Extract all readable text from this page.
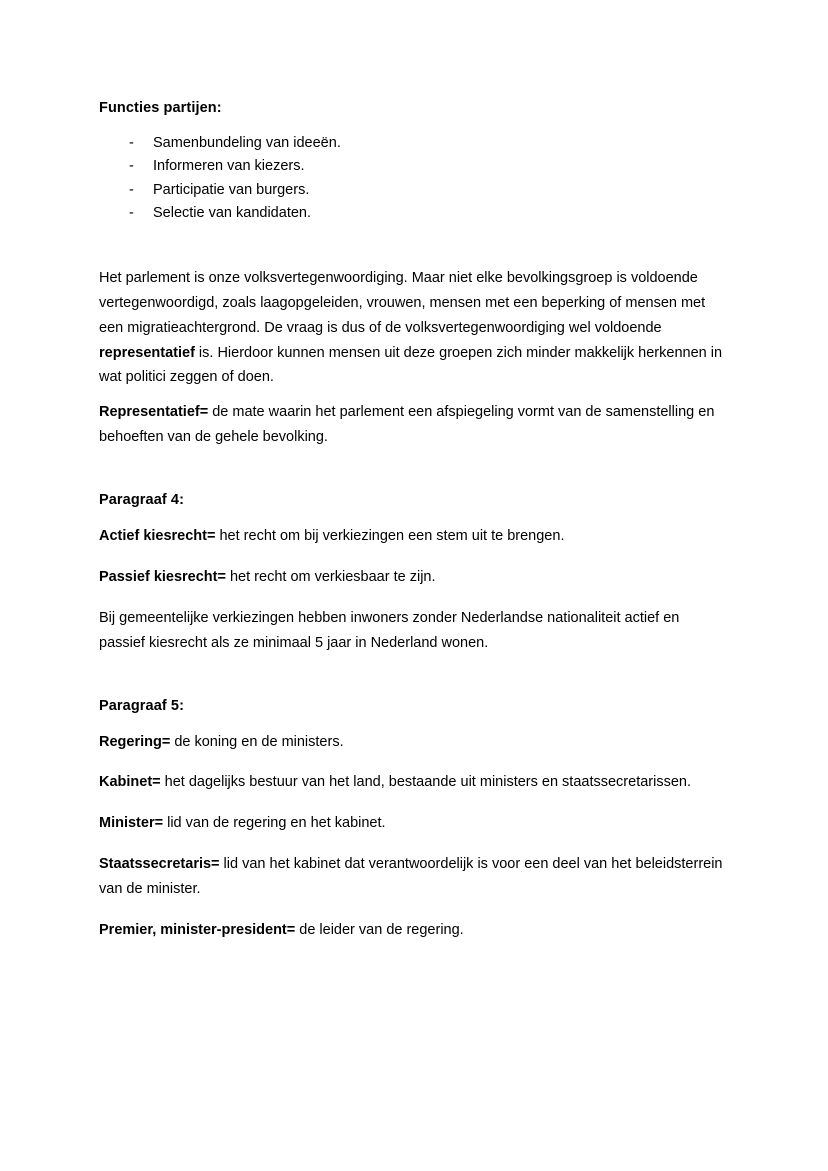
Functies partijen:

-	Samenbundeling van ideeën.
-	Informeren van kiezers.
-	Participatie van burgers.
-	Selectie van kandidaten.

Het parlement is onze volksvertegenwoordiging. Maar niet elke bevolkingsgroep is voldoende vertegenwoordigd, zoals laagopgeleiden, vrouwen, mensen met een beperking of mensen met een migratieachtergrond. De vraag is dus of de volksvertegenwoordiging wel voldoende representatief is. Hierdoor kunnen mensen uit deze groepen zich minder makkelijk herkennen in wat politici zeggen of doen.

Representatief= de mate waarin het parlement een afspiegeling vormt van de samenstelling en behoeften van de gehele bevolking.

Paragraaf 4:

Actief kiesrecht= het recht om bij verkiezingen een stem uit te brengen.

Passief kiesrecht= het recht om verkiesbaar te zijn.

Bij gemeentelijke verkiezingen hebben inwoners zonder Nederlandse nationaliteit actief en passief kiesrecht als ze minimaal 5 jaar in Nederland wonen.

Paragraaf 5:

Regering= de koning en de ministers.

Kabinet= het dagelijks bestuur van het land, bestaande uit ministers en staatssecretarissen.

Minister= lid van de regering en het kabinet.

Staatssecretaris= lid van het kabinet dat verantwoordelijk is voor een deel van het beleidsterrein van de minister.

Premier, minister-president= de leider van de regering.
